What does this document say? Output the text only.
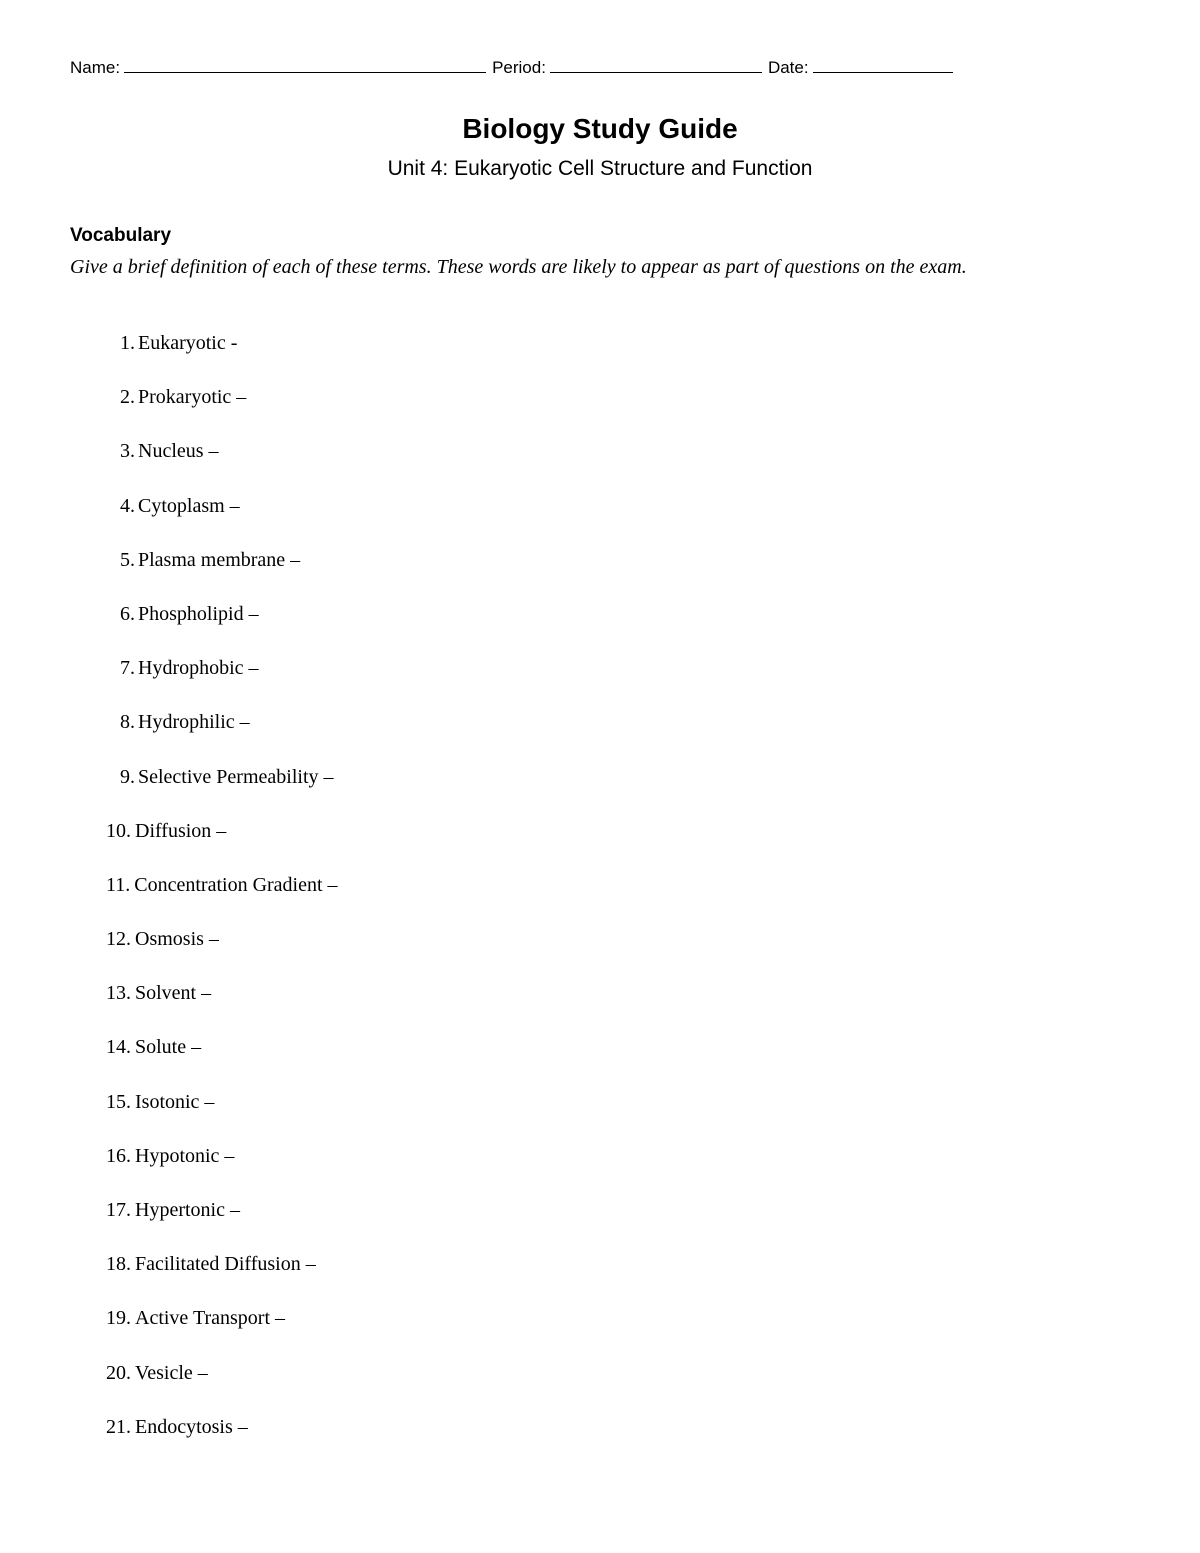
Name:	Period:	Date:
Biology Study Guide
Unit 4: Eukaryotic Cell Structure and Function
Vocabulary
Give a brief definition of each of these terms. These words are likely to appear as part of questions on the exam.
1. Eukaryotic -
2. Prokaryotic –
3. Nucleus –
4. Cytoplasm –
5. Plasma membrane –
6. Phospholipid –
7. Hydrophobic –
8. Hydrophilic –
9. Selective Permeability –
10. Diffusion –
11. Concentration Gradient –
12. Osmosis –
13. Solvent –
14. Solute –
15. Isotonic –
16. Hypotonic –
17. Hypertonic –
18. Facilitated Diffusion –
19. Active Transport –
20. Vesicle –
21. Endocytosis –
